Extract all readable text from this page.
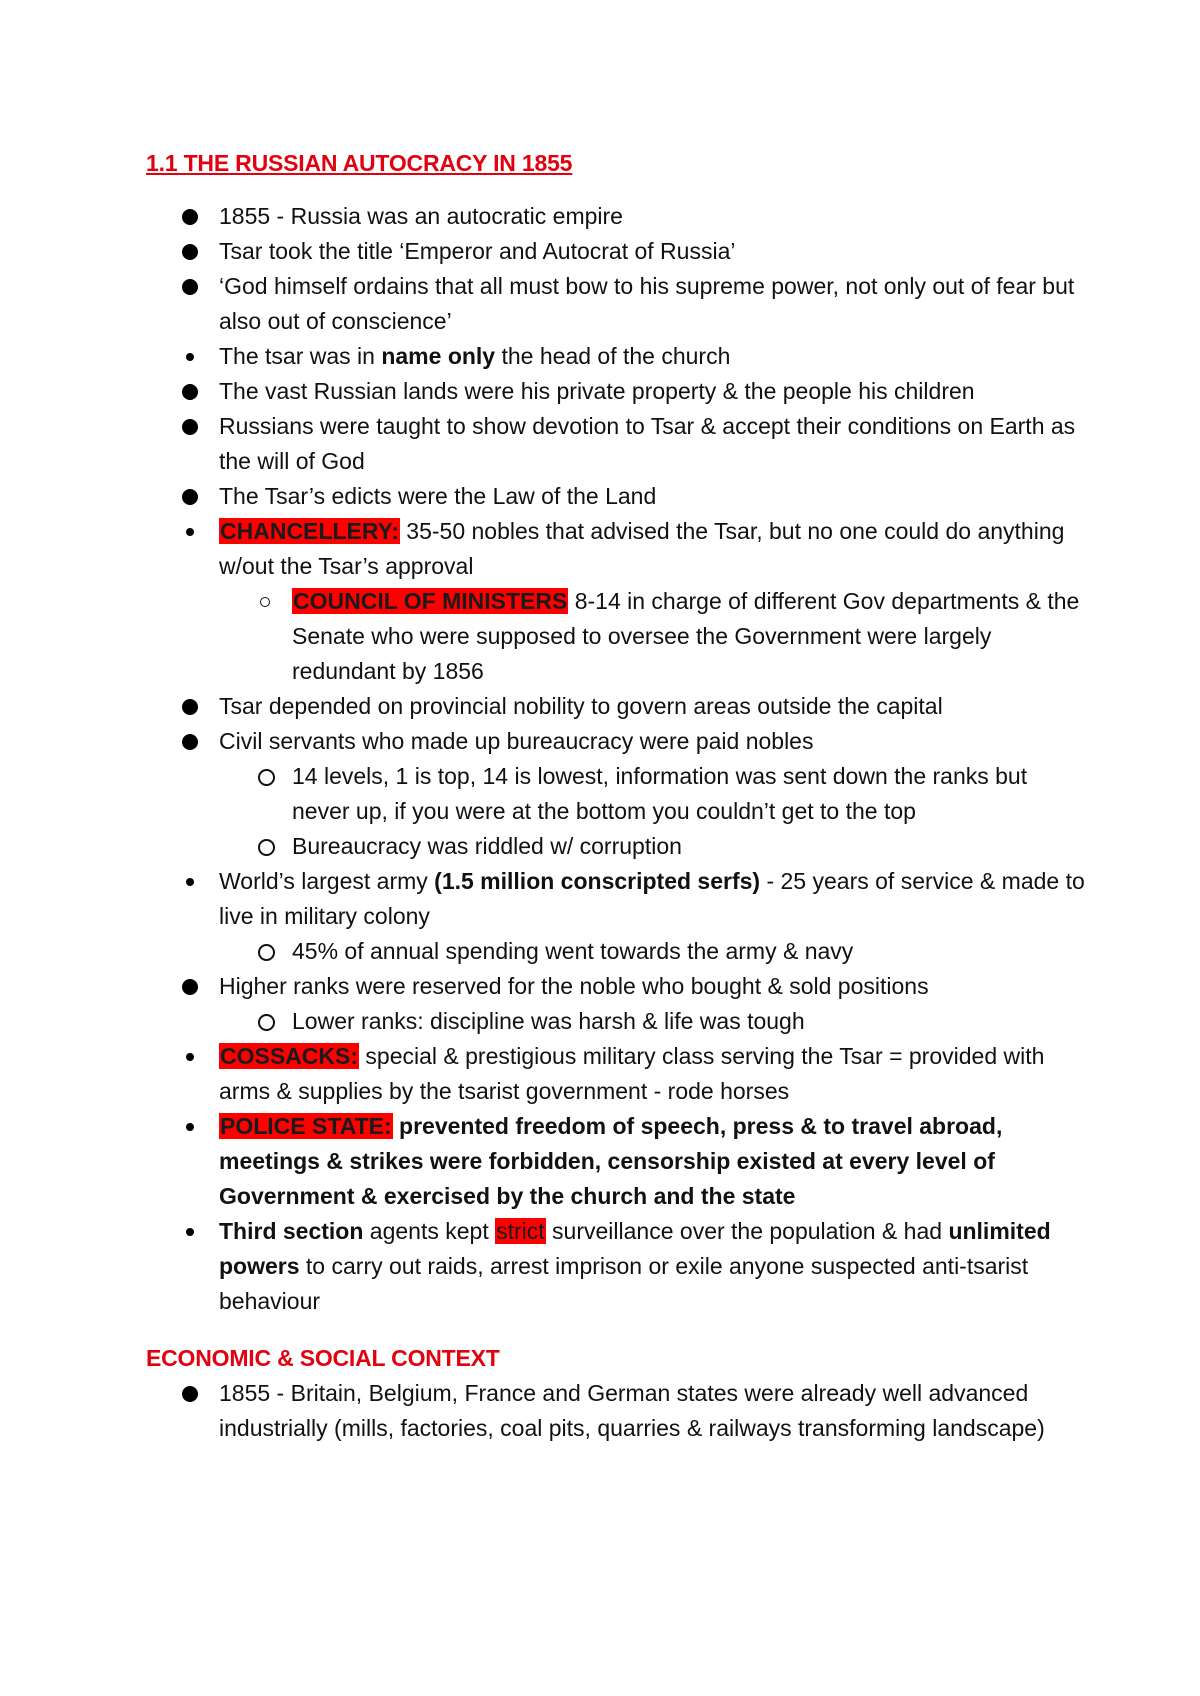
1.1 THE RUSSIAN AUTOCRACY IN 1855
1855 - Russia was an autocratic empire
Tsar took the title ‘Emperor and Autocrat of Russia’
‘God himself ordains that all must bow to his supreme power, not only out of fear but also out of conscience’
The tsar was in name only the head of the church
The vast Russian lands were his private property & the people his children
Russians were taught to show devotion to Tsar & accept their conditions on Earth as the will of God
The Tsar’s edicts were the Law of the Land
CHANCELLERY: 35-50 nobles that advised the Tsar, but no one could do anything w/out the Tsar’s approval
COUNCIL OF MINISTERS 8-14 in charge of different Gov departments & the Senate who were supposed to oversee the Government were largely redundant by 1856
Tsar depended on provincial nobility to govern areas outside the capital
Civil servants who made up bureaucracy were paid nobles
14 levels, 1 is top, 14 is lowest, information was sent down the ranks but never up, if you were at the bottom you couldn’t get to the top
Bureaucracy was riddled w/ corruption
World’s largest army (1.5 million conscripted serfs) - 25 years of service & made to live in military colony
45% of annual spending went towards the army & navy
Higher ranks were reserved for the noble who bought & sold positions
Lower ranks: discipline was harsh & life was tough
COSSACKS: special & prestigious military class serving the Tsar = provided with arms & supplies by the tsarist government - rode horses
POLICE STATE: prevented freedom of speech, press & to travel abroad, meetings & strikes were forbidden, censorship existed at every level of Government & exercised by the church and the state
Third section agents kept strict surveillance over the population & had unlimited powers to carry out raids, arrest imprison or exile anyone suspected anti-tsarist behaviour
ECONOMIC & SOCIAL CONTEXT
1855 - Britain, Belgium, France and German states were already well advanced industrially (mills, factories, coal pits, quarries & railways transforming landscape)
